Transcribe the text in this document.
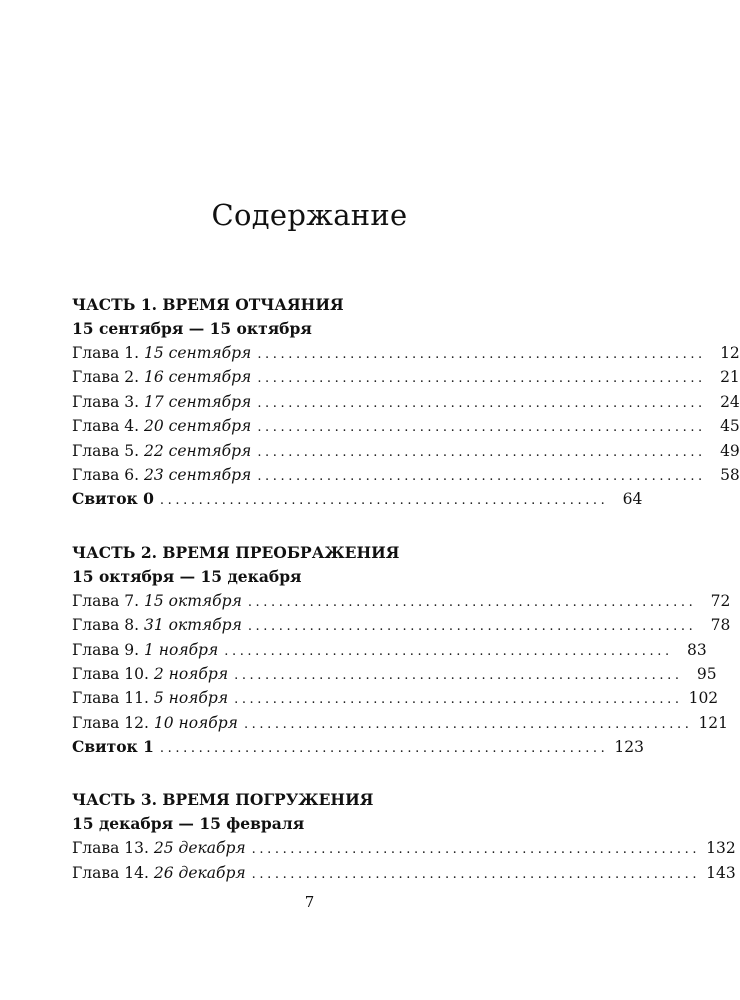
Содержание
ЧАСТЬ 1. ВРЕМЯ ОТЧАЯНИЯ
15 сентября — 15 октября
Глава 1. 15 сентября .......................................................... 12
Глава 2. 16 сентября .......................................................... 21
Глава 3. 17 сентября .......................................................... 24
Глава 4. 20 сентября .......................................................... 45
Глава 5. 22 сентября .......................................................... 49
Глава 6. 23 сентября .......................................................... 58
Свиток 0 .......................................................... 64
ЧАСТЬ 2. ВРЕМЯ ПРЕОБРАЖЕНИЯ
15 октября — 15 декабря
Глава 7. 15 октября .......................................................... 72
Глава 8. 31 октября .......................................................... 78
Глава 9. 1 ноября .......................................................... 83
Глава 10. 2 ноября .......................................................... 95
Глава 11. 5 ноября .......................................................... 102
Глава 12. 10 ноября .......................................................... 121
Свиток 1 .......................................................... 123
ЧАСТЬ 3. ВРЕМЯ ПОГРУЖЕНИЯ
15 декабря — 15 февраля
Глава 13. 25 декабря .......................................................... 132
Глава 14. 26 декабря .......................................................... 143
7
